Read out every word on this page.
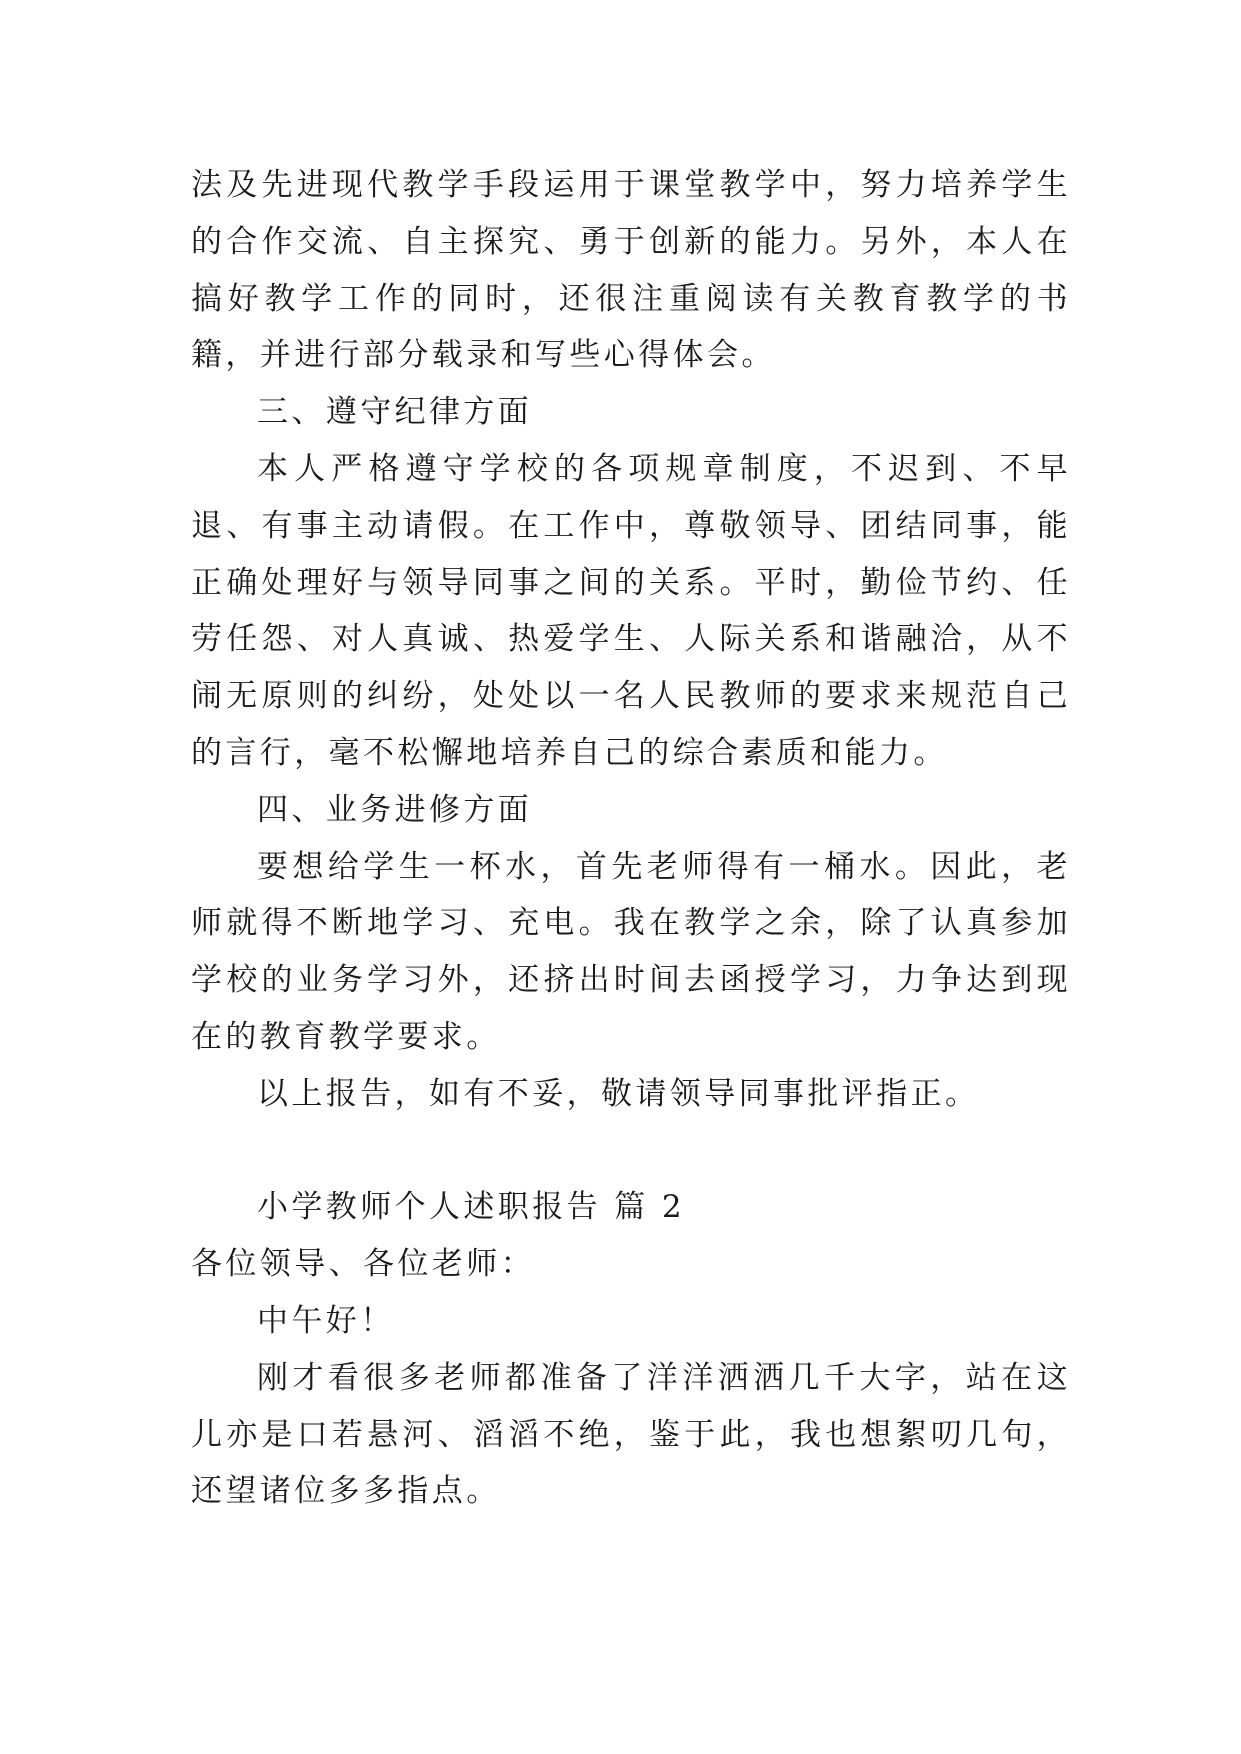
法及先进现代教学手段运用于课堂教学中，努力培养学生的合作交流、自主探究、勇于创新的能力。另外，本人在搞好教学工作的同时，还很注重阅读有关教育教学的书籍，并进行部分载录和写些心得体会。

三、遵守纪律方面

本人严格遵守学校的各项规章制度，不迟到、不早退、有事主动请假。在工作中，尊敬领导、团结同事，能正确处理好与领导同事之间的关系。平时，勤俭节约、任劳任怨、对人真诚、热爱学生、人际关系和谐融洽，从不闹无原则的纠纷，处处以一名人民教师的要求来规范自己的言行，毫不松懈地培养自己的综合素质和能力。

四、业务进修方面

要想给学生一杯水，首先老师得有一桶水。因此，老师就得不断地学习、充电。我在教学之余，除了认真参加学校的业务学习外，还挤出时间去函授学习，力争达到现在的教育教学要求。

以上报告，如有不妥，敬请领导同事批评指正。

小学教师个人述职报告 篇 2

各位领导、各位老师：

中午好！

刚才看很多老师都准备了洋洋洒洒几千大字，站在这儿亦是口若悬河、滔滔不绝，鉴于此，我也想絮叨几句，还望诸位多多指点。
